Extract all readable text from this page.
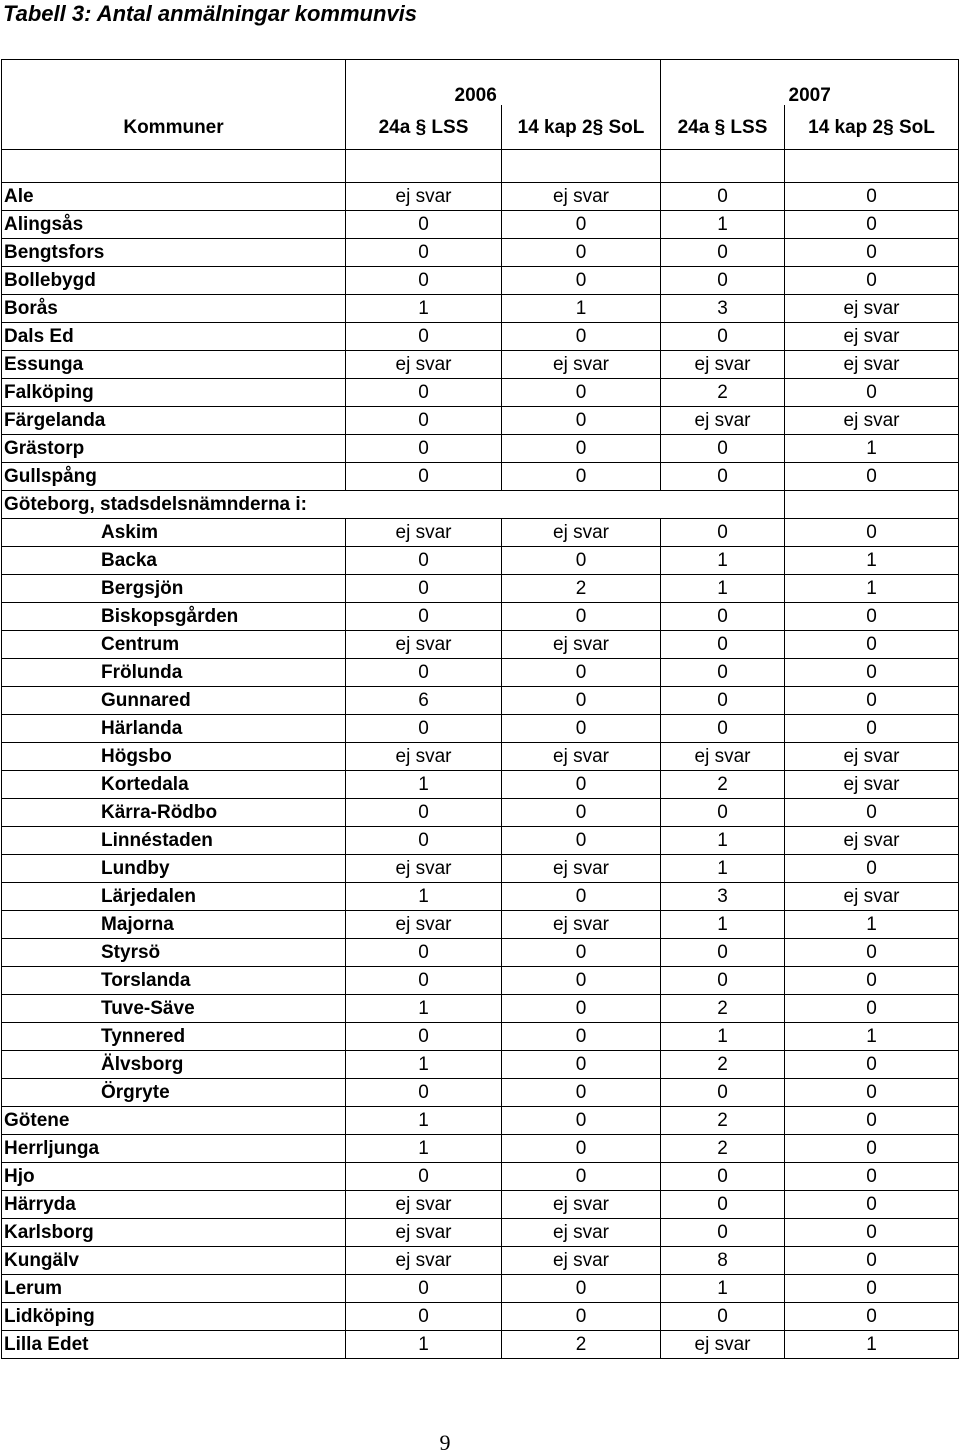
Tabell 3: Antal anmälningar kommunvis
		2006		2007
Kommuner	24a § LSS	14 kap 2§ SoL	24a § LSS	14 kap 2§ SoL

Ale	ej svar	ej svar	0	0
Alingsås	0	0	1	0
Bengtsfors	0	0	0	0
Bollebygd	0	0	0	0
Borås	1	1	3	ej svar
Dals Ed	0	0	0	ej svar
Essunga	ej svar	ej svar	ej svar	ej svar
Falköping	0	0	2	0
Färgelanda	0	0	ej svar	ej svar
Grästorp	0	0	0	1
Gullspång	0	0	0	0
Göteborg, stadsdelsnämnderna i:				
Askim	ej svar	ej svar	0	0
Backa	0	0	1	1
Bergsjön	0	2	1	1
Biskopsgården	0	0	0	0
Centrum	ej svar	ej svar	0	0
Frölunda	0	0	0	0
Gunnared	6	0	0	0
Härlanda	0	0	0	0
Högsbo	ej svar	ej svar	ej svar	ej svar
Kortedala	1	0	2	ej svar
Kärra-Rödbo	0	0	0	0
Linnéstaden	0	0	1	ej svar
Lundby	ej svar	ej svar	1	0
Lärjedalen	1	0	3	ej svar
Majorna	ej svar	ej svar	1	1
Styrsö	0	0	0	0
Torslanda	0	0	0	0
Tuve-Säve	1	0	2	0
Tynnered	0	0	1	1
Älvsborg	1	0	2	0
Örgryte	0	0	0	0
Götene	1	0	2	0
Herrljunga	1	0	2	0
Hjo	0	0	0	0
Härryda	ej svar	ej svar	0	0
Karlsborg	ej svar	ej svar	0	0
Kungälv	ej svar	ej svar	8	0
Lerum	0	0	1	0
Lidköping	0	0	0	0
Lilla Edet	1	2	ej svar	1
9
